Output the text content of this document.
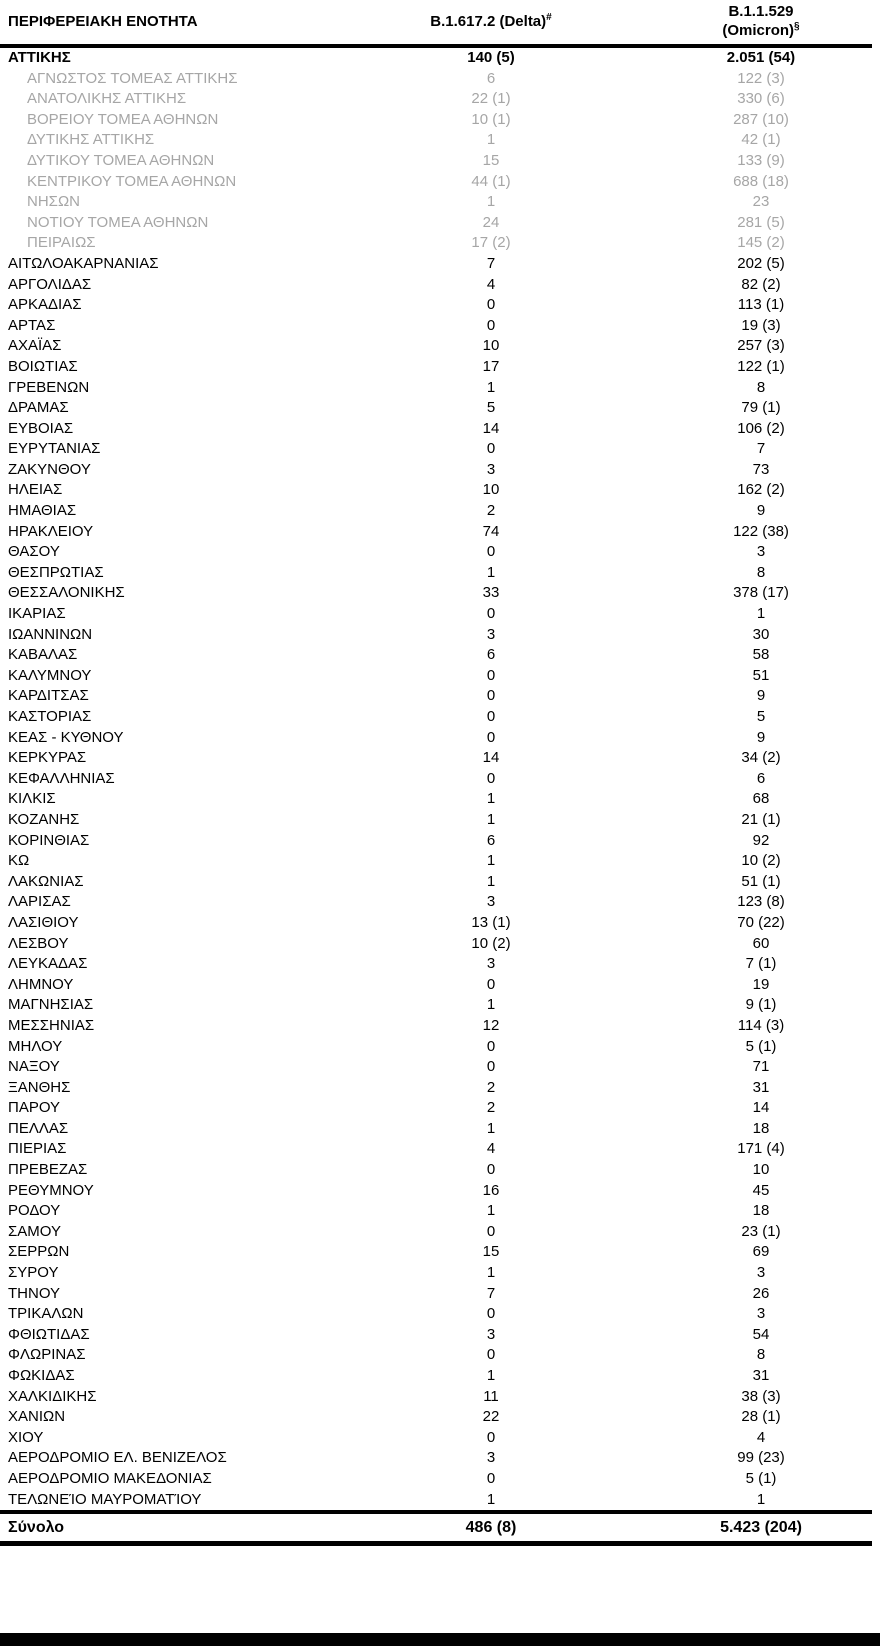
ΠΕΡΙΦΕΡΕΙΑΚΗ ΕΝΟΤΗΤΑ	B.1.617.2 (Delta)#	B.1.1.529
(Omicron)§
ΑΤΤΙΚΗΣ	140 (5)	2.051 (54)
ΑΓΝΩΣΤΟΣ ΤΟΜΕΑΣ ΑΤΤΙΚΗΣ	6	122 (3)
ΑΝΑΤΟΛΙΚΗΣ ΑΤΤΙΚΗΣ	22 (1)	330 (6)
ΒΟΡΕΙΟΥ ΤΟΜΕΑ ΑΘΗΝΩΝ	10 (1)	287 (10)
ΔΥΤΙΚΗΣ ΑΤΤΙΚΗΣ	1	42 (1)
ΔΥΤΙΚΟΥ ΤΟΜΕΑ ΑΘΗΝΩΝ	15	133 (9)
ΚΕΝΤΡΙΚΟΥ ΤΟΜΕΑ ΑΘΗΝΩΝ	44 (1)	688 (18)
ΝΗΣΩΝ	1	23
ΝΟΤΙΟΥ ΤΟΜΕΑ ΑΘΗΝΩΝ	24	281 (5)
ΠΕΙΡΑΙΩΣ	17 (2)	145 (2)
ΑΙΤΩΛΟΑΚΑΡΝΑΝΙΑΣ	7	202 (5)
ΑΡΓΟΛΙΔΑΣ	4	82 (2)
ΑΡΚΑΔΙΑΣ	0	113 (1)
ΑΡΤΑΣ	0	19 (3)
ΑΧΑΪΑΣ	10	257 (3)
ΒΟΙΩΤΙΑΣ	17	122 (1)
ΓΡΕΒΕΝΩΝ	1	8
ΔΡΑΜΑΣ	5	79 (1)
ΕΥΒΟΙΑΣ	14	106 (2)
ΕΥΡΥΤΑΝΙΑΣ	0	7
ΖΑΚΥΝΘΟΥ	3	73
ΗΛΕΙΑΣ	10	162 (2)
ΗΜΑΘΙΑΣ	2	9
ΗΡΑΚΛΕΙΟΥ	74	122 (38)
ΘΑΣΟΥ	0	3
ΘΕΣΠΡΩΤΙΑΣ	1	8
ΘΕΣΣΑΛΟΝΙΚΗΣ	33	378 (17)
ΙΚΑΡΙΑΣ	0	1
ΙΩΑΝΝΙΝΩΝ	3	30
ΚΑΒΑΛΑΣ	6	58
ΚΑΛΥΜΝΟΥ	0	51
ΚΑΡΔΙΤΣΑΣ	0	9
ΚΑΣΤΟΡΙΑΣ	0	5
ΚΕΑΣ - ΚΥΘΝΟΥ	0	9
ΚΕΡΚΥΡΑΣ	14	34 (2)
ΚΕΦΑΛΛΗΝΙΑΣ	0	6
ΚΙΛΚΙΣ	1	68
ΚΟΖΑΝΗΣ	1	21 (1)
ΚΟΡΙΝΘΙΑΣ	6	92
ΚΩ	1	10 (2)
ΛΑΚΩΝΙΑΣ	1	51 (1)
ΛΑΡΙΣΑΣ	3	123 (8)
ΛΑΣΙΘΙΟΥ	13 (1)	70 (22)
ΛΕΣΒΟΥ	10 (2)	60
ΛΕΥΚΑΔΑΣ	3	7 (1)
ΛΗΜΝΟΥ	0	19
ΜΑΓΝΗΣΙΑΣ	1	9 (1)
ΜΕΣΣΗΝΙΑΣ	12	114 (3)
ΜΗΛΟΥ	0	5 (1)
ΝΑΞΟΥ	0	71
ΞΑΝΘΗΣ	2	31
ΠΑΡΟΥ	2	14
ΠΕΛΛΑΣ	1	18
ΠΙΕΡΙΑΣ	4	171 (4)
ΠΡΕΒΕΖΑΣ	0	10
ΡΕΘΥΜΝΟΥ	16	45
ΡΟΔΟΥ	1	18
ΣΑΜΟΥ	0	23 (1)
ΣΕΡΡΩΝ	15	69
ΣΥΡΟΥ	1	3
ΤΗΝΟΥ	7	26
ΤΡΙΚΑΛΩΝ	0	3
ΦΘΙΩΤΙΔΑΣ	3	54
ΦΛΩΡΙΝΑΣ	0	8
ΦΩΚΙΔΑΣ	1	31
ΧΑΛΚΙΔΙΚΗΣ	11	38 (3)
ΧΑΝΙΩΝ	22	28 (1)
ΧΙΟΥ	0	4
ΑΕΡΟΔΡΟΜΙΟ ΕΛ. ΒΕΝΙΖΕΛΟΣ	3	99 (23)
ΑΕΡΟΔΡΟΜΙΟ ΜΑΚΕΔΟΝΙΑΣ	0	5 (1)
ΤΕΛΩΝΕΊΟ ΜΑΥΡΟΜΑΤΊΟΥ	1	1
Σύνολο	486 (8)	5.423 (204)
